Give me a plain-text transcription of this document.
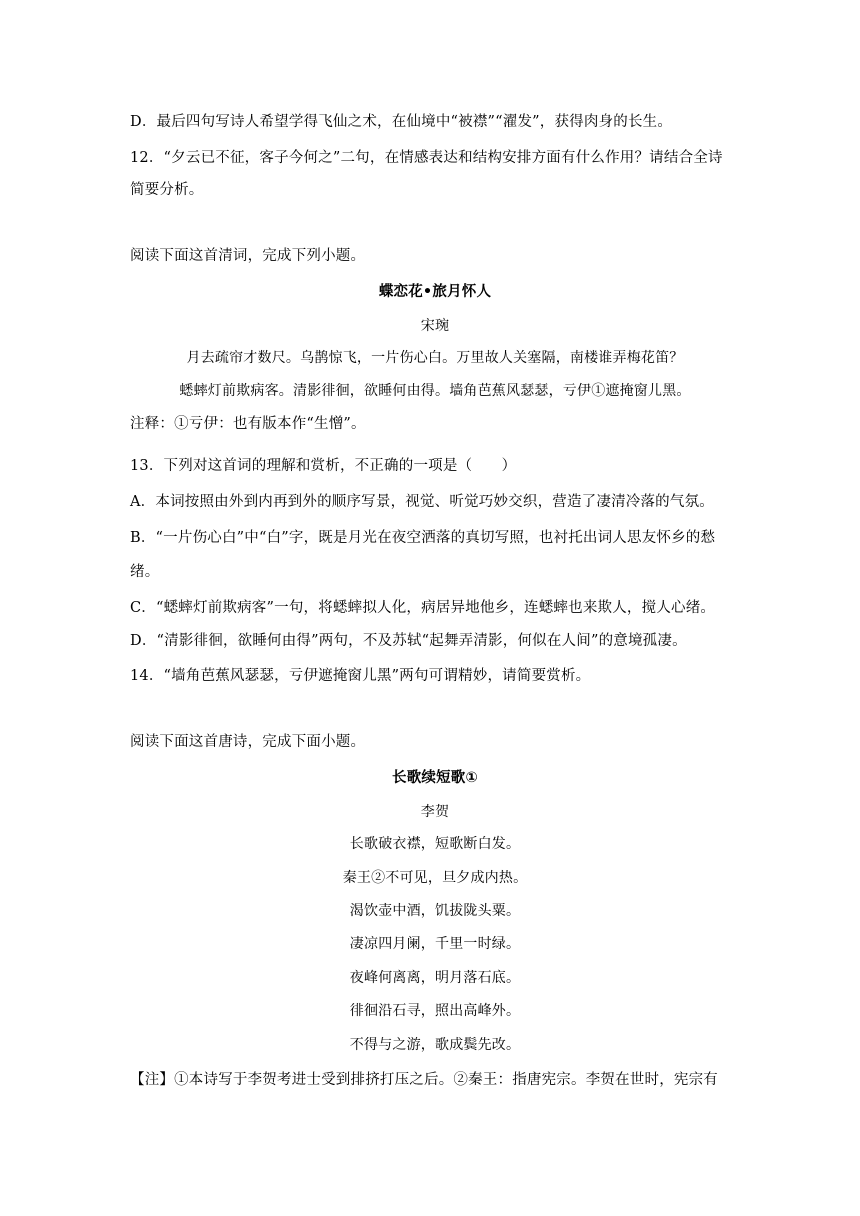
D．最后四句写诗人希望学得飞仙之术，在仙境中“被襟”“濯发”，获得肉身的长生。
12．“夕云已不征，客子今何之”二句，在情感表达和结构安排方面有什么作用？请结合全诗
简要分析。
阅读下面这首清词，完成下列小题。
蝶恋花•旅月怀人
宋琬
月去疏帘才数尺。乌鹊惊飞，一片伤心白。万里故人关塞隔，南楼谁弄梅花笛？
蟋蟀灯前欺病客。清影徘徊，欲睡何由得。墙角芭蕉风瑟瑟，亏伊①遮掩窗儿黑。
注释：①亏伊：也有版本作“生憎”。
13．下列对这首词的理解和赏析，不正确的一项是（　　）
A．本词按照由外到内再到外的顺序写景，视觉、听觉巧妙交织，营造了凄清冷落的气氛。
B．“一片伤心白”中“白”字，既是月光在夜空洒落的真切写照，也衬托出词人思友怀乡的愁
绪。
C．“蟋蟀灯前欺病客”一句，将蟋蟀拟人化，病居异地他乡，连蟋蟀也来欺人，搅人心绪。
D．“清影徘徊，欲睡何由得”两句，不及苏轼“起舞弄清影，何似在人间”的意境孤凄。
14．“墙角芭蕉风瑟瑟，亏伊遮掩窗儿黑”两句可谓精妙，请简要赏析。
阅读下面这首唐诗，完成下面小题。
长歌续短歌①
李贺
长歌破衣襟，短歌断白发。
秦王②不可见，旦夕成内热。
渴饮壶中酒，饥拔陇头粟。
凄凉四月阑，千里一时绿。
夜峰何离离，明月落石底。
徘徊沿石寻，照出高峰外。
不得与之游，歌成鬓先改。
【注】①本诗写于李贺考进士受到排挤打压之后。②秦王：指唐宪宗。李贺在世时，宪宗有
